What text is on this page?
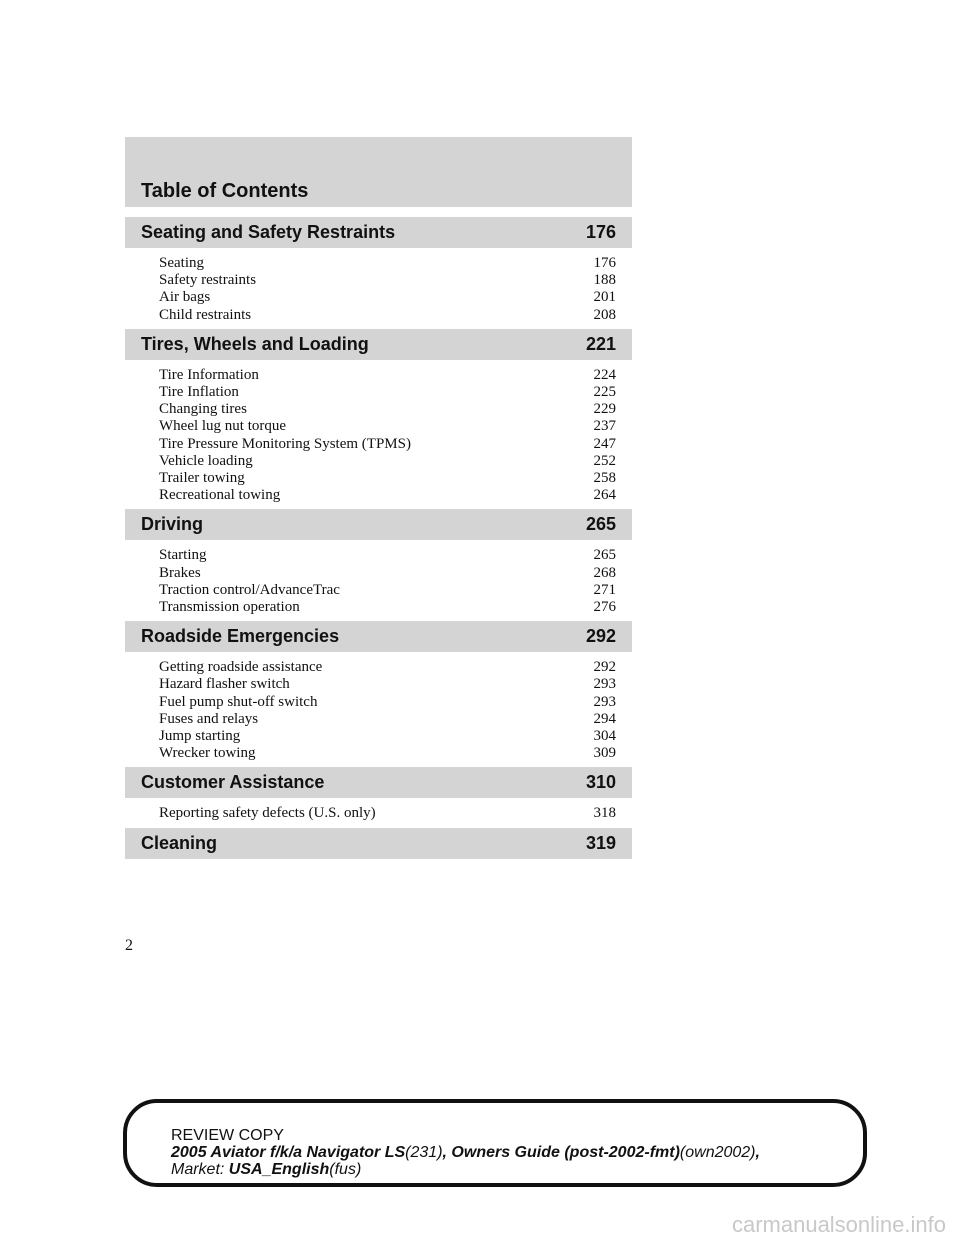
Table of Contents
Seating and Safety Restraints	176
Seating	176
Safety restraints	188
Air bags	201
Child restraints	208
Tires, Wheels and Loading	221
Tire Information	224
Tire Inflation	225
Changing tires	229
Wheel lug nut torque	237
Tire Pressure Monitoring System (TPMS)	247
Vehicle loading	252
Trailer towing	258
Recreational towing	264
Driving	265
Starting	265
Brakes	268
Traction control/AdvanceTrac	271
Transmission operation	276
Roadside Emergencies	292
Getting roadside assistance	292
Hazard flasher switch	293
Fuel pump shut-off switch	293
Fuses and relays	294
Jump starting	304
Wrecker towing	309
Customer Assistance	310
Reporting safety defects (U.S. only)	318
Cleaning	319
2
REVIEW COPY
2005 Aviator f/k/a Navigator LS(231), Owners Guide (post-2002-fmt)(own2002),
Market: USA_English(fus)
carmanualsonline.info
